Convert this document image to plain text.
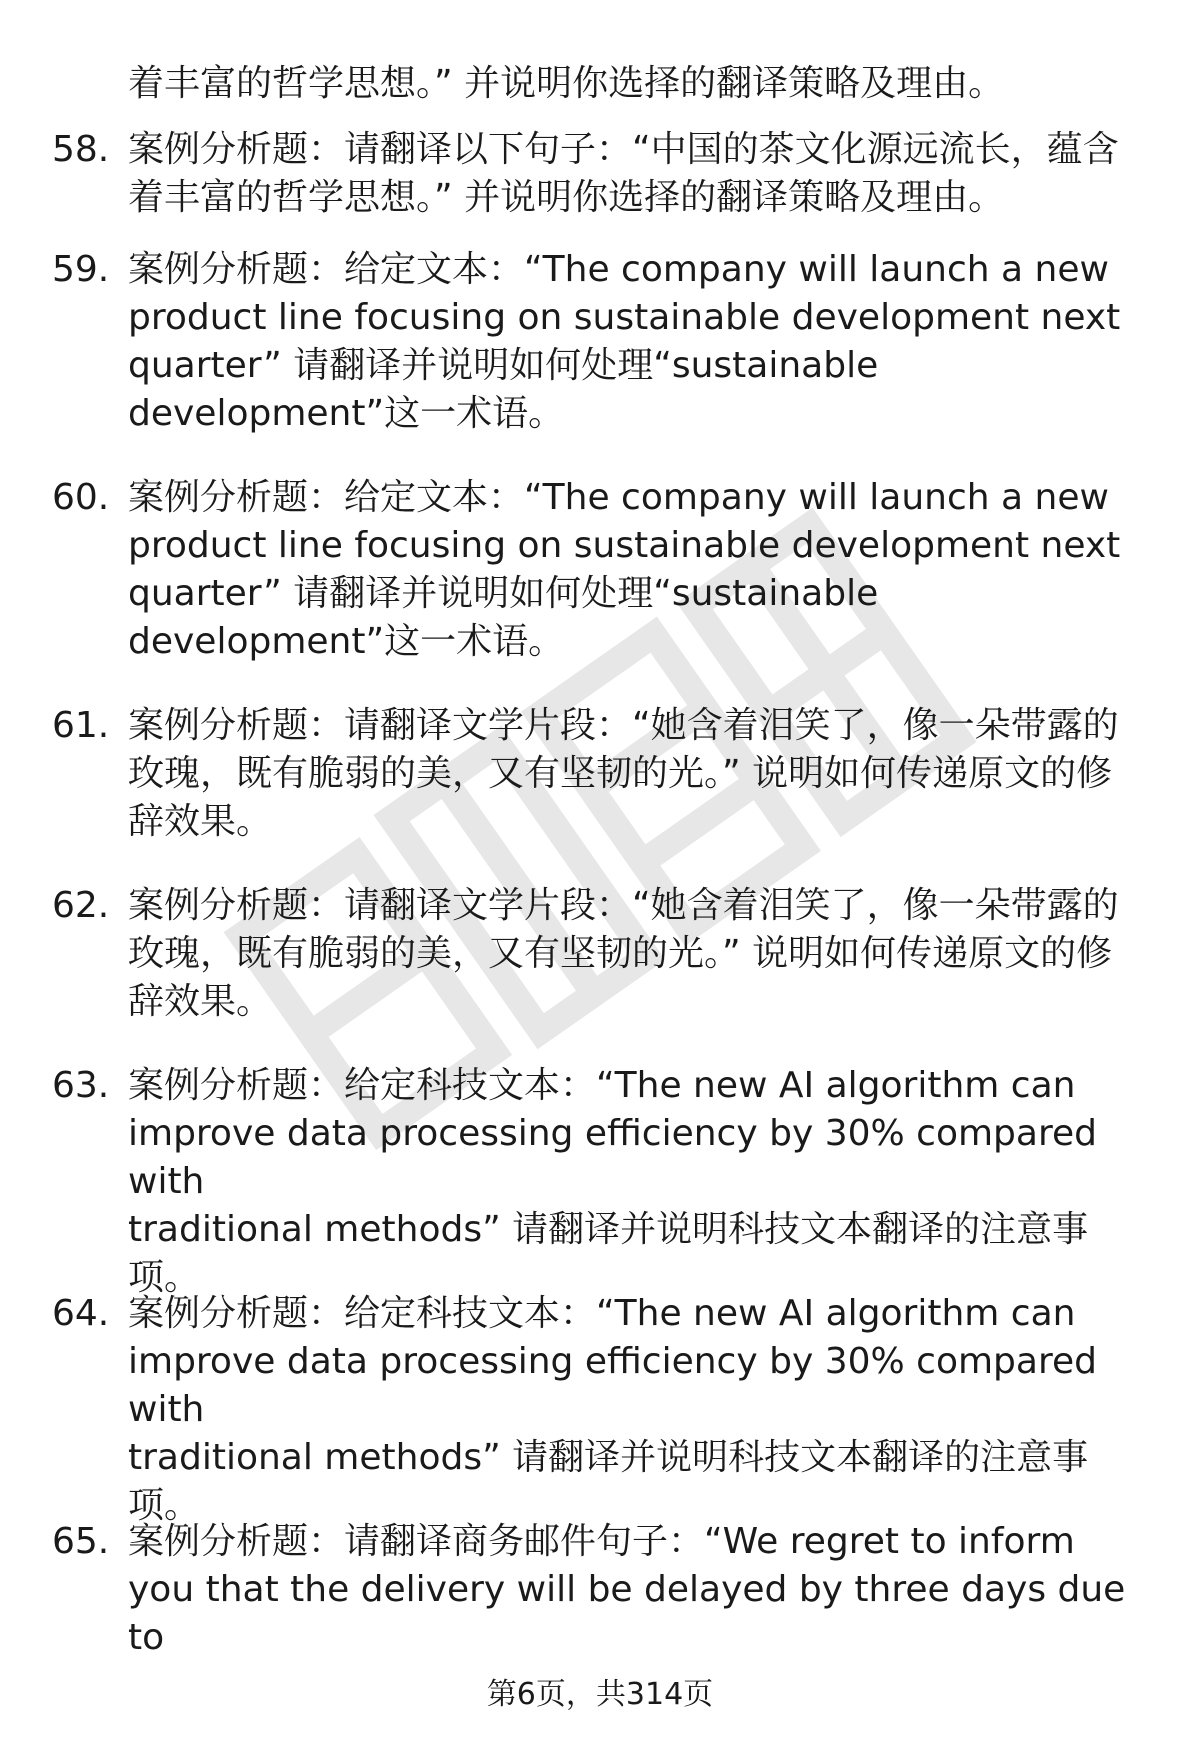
着丰富的哲学思想。” 并说明你选择的翻译策略及理由。
58. 案例分析题：请翻译以下句子：“中国的茶文化源远流长，蕴含
着丰富的哲学思想。” 并说明你选择的翻译策略及理由。
59. 案例分析题：给定文本：“The company will launch a new
product line focusing on sustainable development next
quarter” 请翻译并说明如何处理“sustainable
development”这一术语。
60. 案例分析题：给定文本：“The company will launch a new
product line focusing on sustainable development next
quarter” 请翻译并说明如何处理“sustainable
development”这一术语。
61. 案例分析题：请翻译文学片段：“她含着泪笑了，像一朵带露的
玫瑰，既有脆弱的美，又有坚韧的光。” 说明如何传递原文的修
辞效果。
62. 案例分析题：请翻译文学片段：“她含着泪笑了，像一朵带露的
玫瑰，既有脆弱的美，又有坚韧的光。” 说明如何传递原文的修
辞效果。
63. 案例分析题：给定科技文本：“The new AI algorithm can
improve data processing efficiency by 30% compared with
traditional methods” 请翻译并说明科技文本翻译的注意事
项。
64. 案例分析题：给定科技文本：“The new AI algorithm can
improve data processing efficiency by 30% compared with
traditional methods” 请翻译并说明科技文本翻译的注意事
项。
65. 案例分析题：请翻译商务邮件句子：“We regret to inform
you that the delivery will be delayed by three days due to
第6页，共314页
